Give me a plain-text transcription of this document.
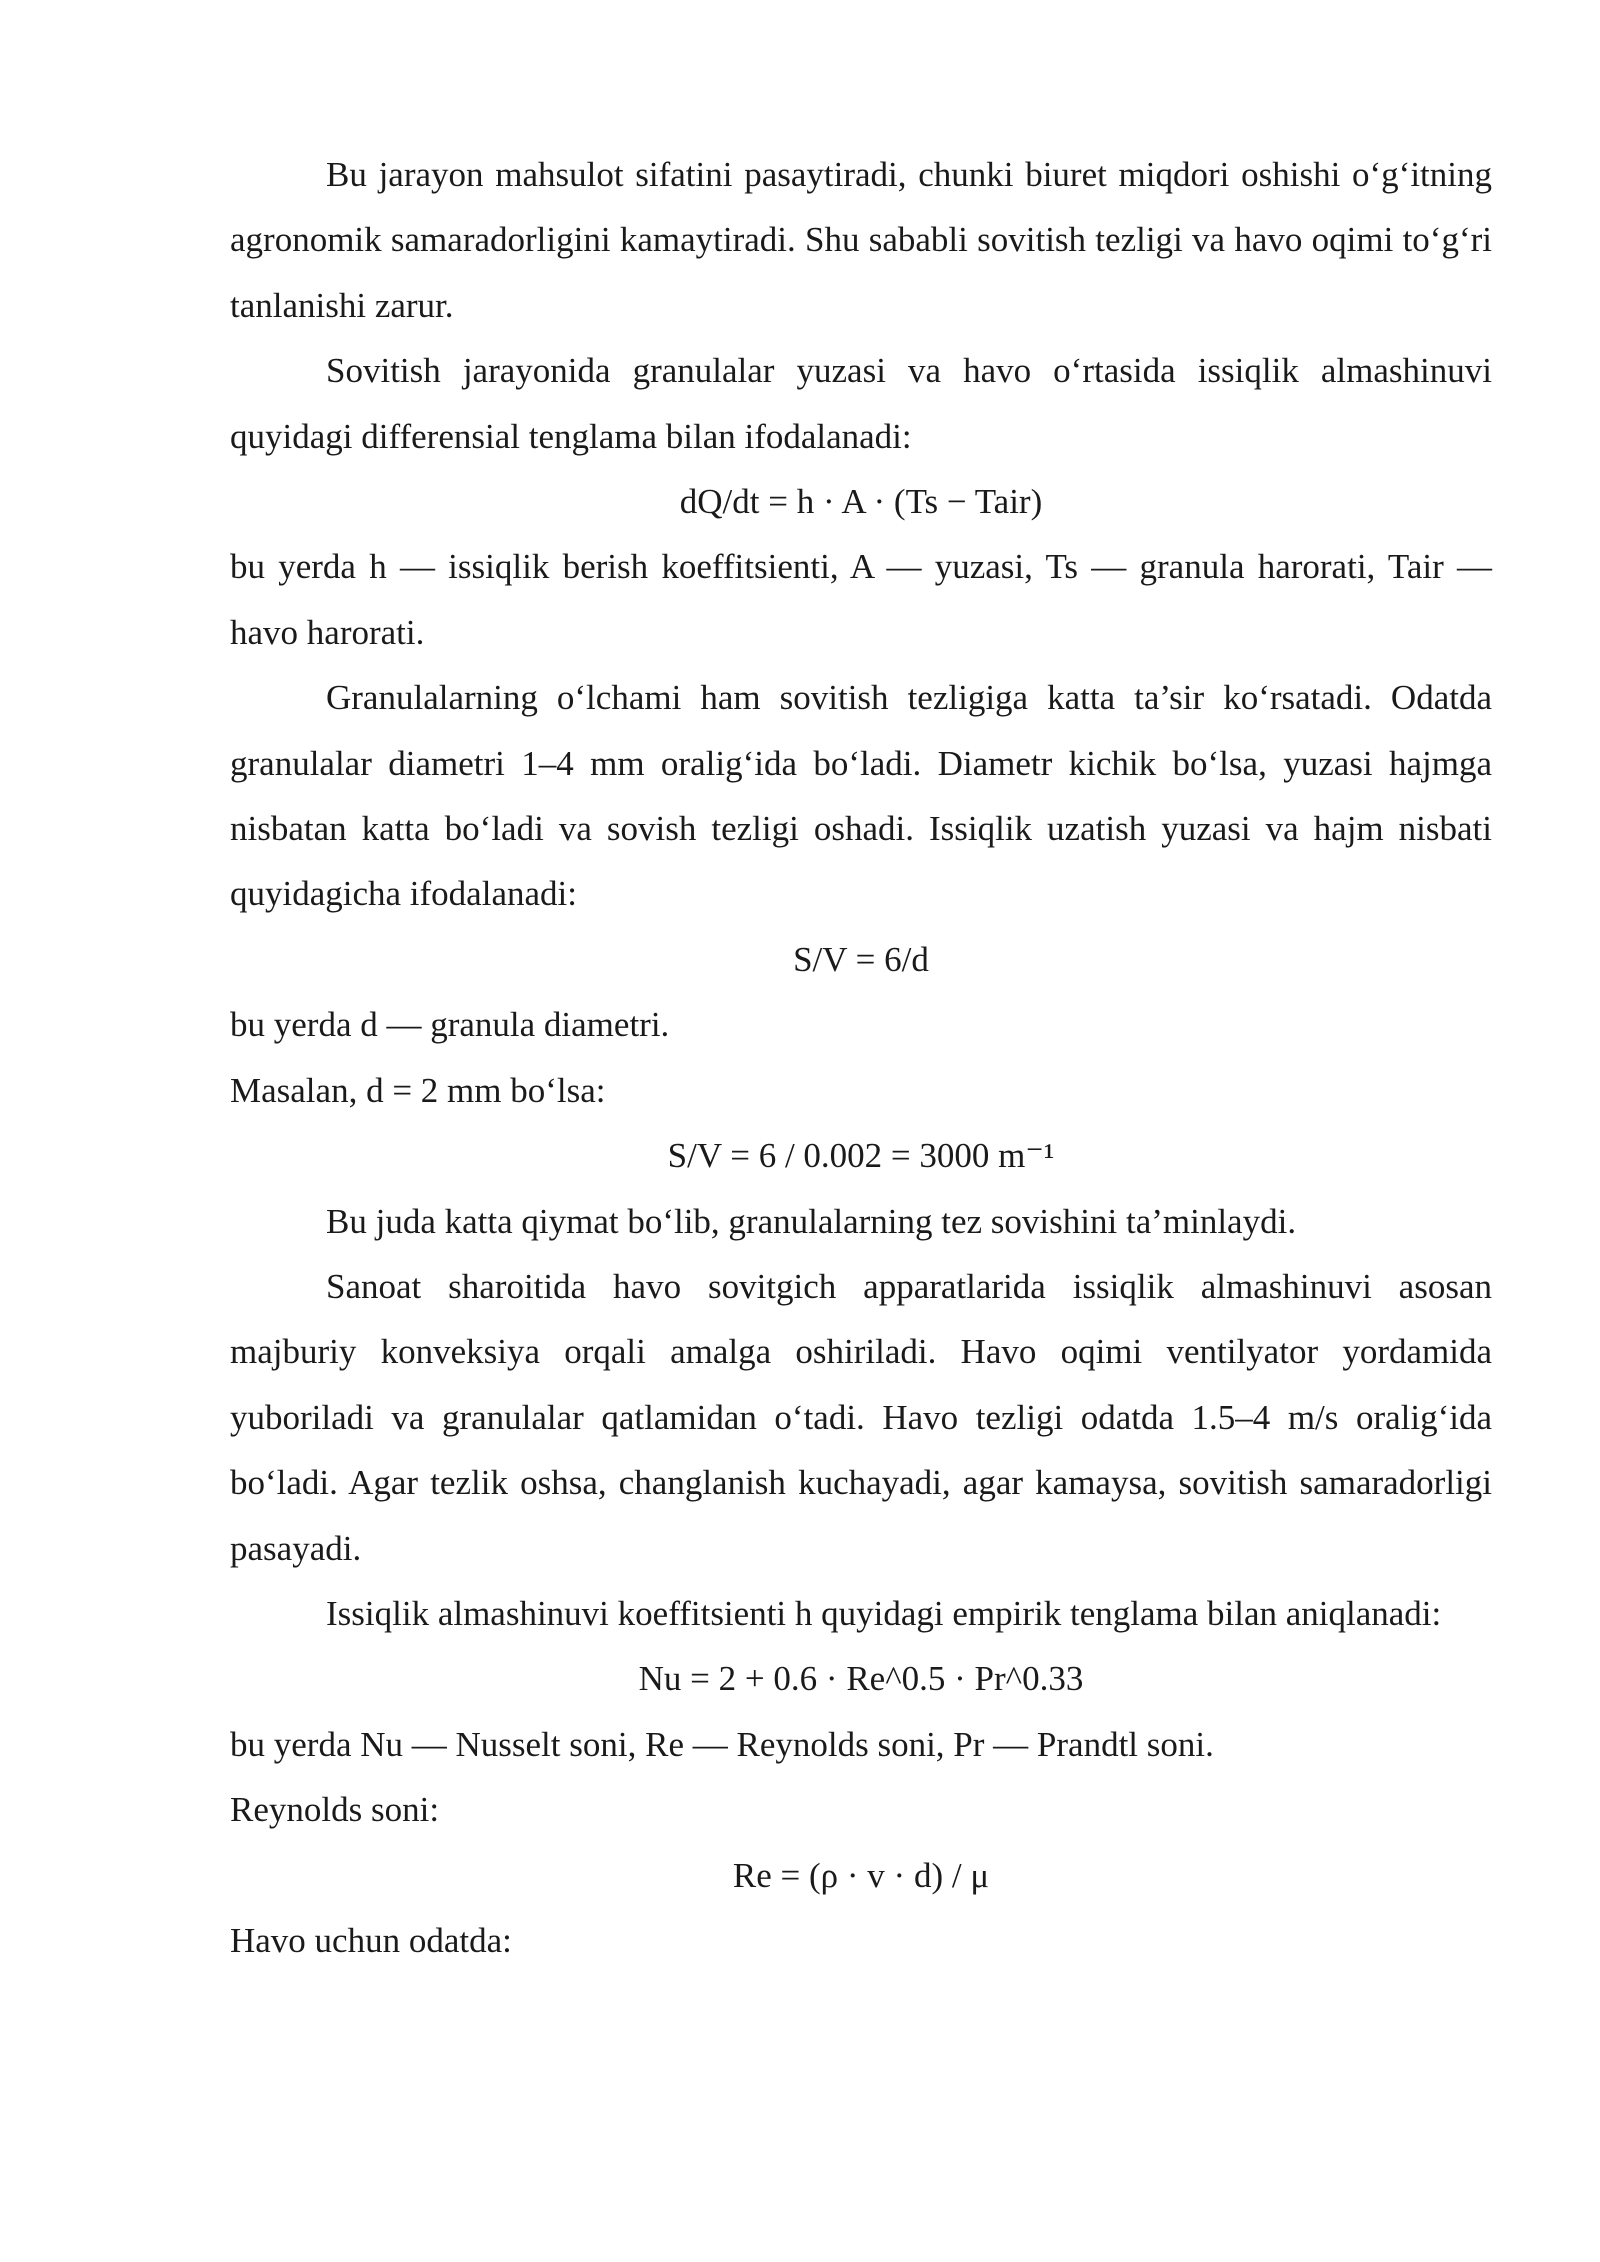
Bu jarayon mahsulot sifatini pasaytiradi, chunki biuret miqdori oshishi oʻgʻitning agronomik samaradorligini kamaytiradi. Shu sababli sovitish tezligi va havo oqimi toʻgʻri tanlanishi zarur.

Sovitish jarayonida granulalar yuzasi va havo oʻrtasida issiqlik almashinuvi quyidagi differensial tenglama bilan ifodalanadi:

dQ/dt = h · A · (Ts − Tair)

bu yerda h — issiqlik berish koeffitsienti, A — yuzasi, Ts — granula harorati, Tair — havo harorati.

Granulalarning oʻlchami ham sovitish tezligiga katta ta’sir koʻrsatadi. Odatda granulalar diametri 1–4 mm oraligʻida boʻladi. Diametr kichik boʻlsa, yuzasi hajmga nisbatan katta boʻladi va sovish tezligi oshadi. Issiqlik uzatish yuzasi va hajm nisbati quyidagicha ifodalanadi:

S/V = 6/d

bu yerda d — granula diametri.

Masalan, d = 2 mm boʻlsa:

S/V = 6 / 0.002 = 3000 m⁻¹

Bu juda katta qiymat boʻlib, granulalarning tez sovishini ta’minlaydi.

Sanoat sharoitida havo sovitgich apparatlarida issiqlik almashinuvi asosan majburiy konveksiya orqali amalga oshiriladi. Havo oqimi ventilyator yordamida yuboriladi va granulalar qatlamidan oʻtadi. Havo tezligi odatda 1.5–4 m/s oraligʻida boʻladi. Agar tezlik oshsa, changlanish kuchayadi, agar kamaysa, sovitish samaradorligi pasayadi.

Issiqlik almashinuvi koeffitsienti h quyidagi empirik tenglama bilan aniqlanadi:

Nu = 2 + 0.6 · Re^0.5 · Pr^0.33

bu yerda Nu — Nusselt soni, Re — Reynolds soni, Pr — Prandtl soni.

Reynolds soni:

Re = (ρ · v · d) / μ

Havo uchun odatda:
